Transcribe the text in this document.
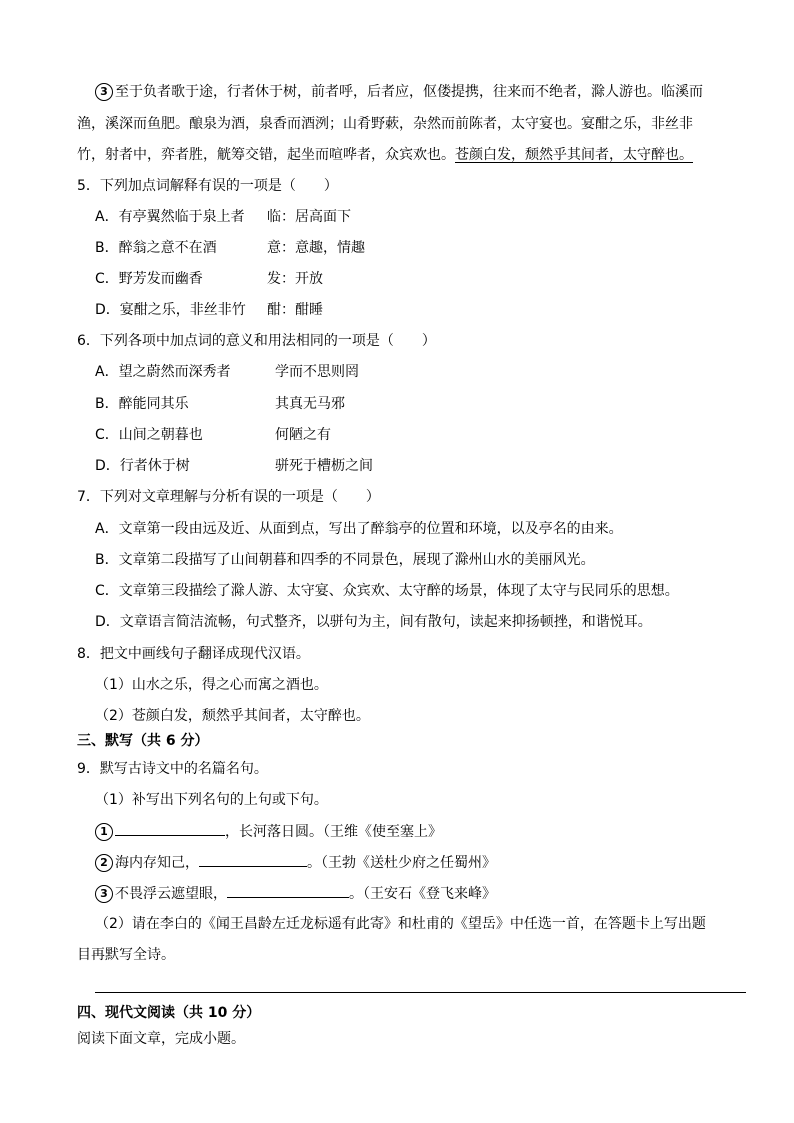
3 至于负者歌于途，行者休于树，前者呼，后者应，伛偻提携，往来而不绝者，滁人游也。临溪而
渔，溪深而鱼肥。酿泉为酒，泉香而酒洌；山肴野蔌，杂然而前陈者，太守宴也。宴酣之乐，非丝非
竹，射者中，弈者胜，觥筹交错，起坐而喧哗者，众宾欢也。苍颜白发，颓然乎其间者，太守醉也。
5．下列加点词解释有误的一项是（　　）
A．有亭翼然临于泉上者 临：居高面下
B．醉翁之意不在酒	意：意趣，情趣
C．野芳发而幽香	发：开放
D．宴酣之乐，非丝非竹 酣：酣睡
6．下列各项中加点词的意义和用法相同的一项是（　　）
A．望之蔚然而深秀者	学而不思则罔
B．醉能同其乐	其真无马邪
C．山间之朝暮也	何陋之有
D．行者休于树	骈死于槽枥之间
7．下列对文章理解与分析有误的一项是（　　）
A．文章第一段由远及近、从面到点，写出了醉翁亭的位置和环境，以及亭名的由来。
B．文章第二段描写了山间朝暮和四季的不同景色，展现了滁州山水的美丽风光。
C．文章第三段描绘了滁人游、太守宴、众宾欢、太守醉的场景，体现了太守与民同乐的思想。
D．文章语言简洁流畅，句式整齐，以骈句为主，间有散句，读起来抑扬顿挫，和谐悦耳。
8．把文中画线句子翻译成现代汉语。
（1）山水之乐，得之心而寓之酒也。
（2）苍颜白发，颓然乎其间者，太守醉也。
三、默写（共 6 分）
9．默写古诗文中的名篇名句。
（1）补写出下列名句的上句或下句。
1	，长河落日圆。（王维《使至塞上》
2 海内存知己，	。（王勃《送杜少府之任蜀州》
3 不畏浮云遮望眼，	。（王安石《登飞来峰》
（2）请在李白的《闻王昌龄左迁龙标遥有此寄》和杜甫的《望岳》中任选一首，在答题卡上写出题
目再默写全诗。
四、现代文阅读（共 10 分）
阅读下面文章，完成小题。
